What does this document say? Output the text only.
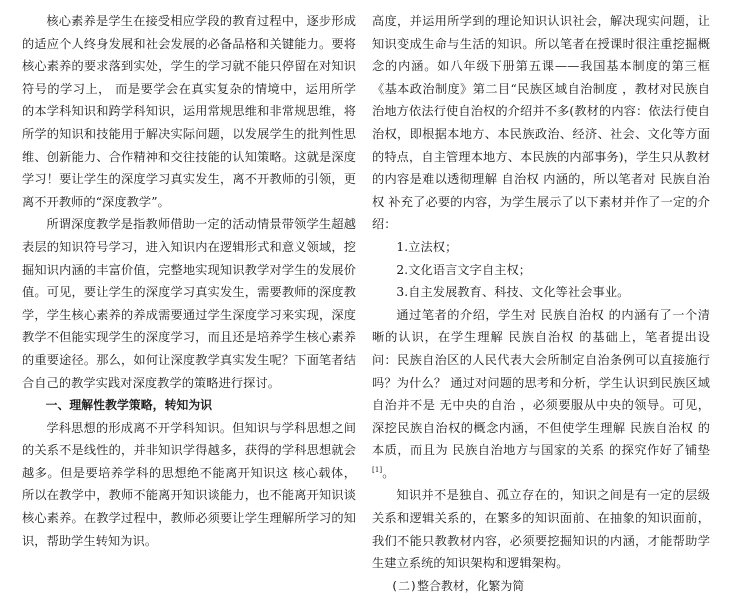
核心素养是学生在接受相应学段的教育过程中，逐步形成的适应个人终身发展和社会发展的必备品格和关键能力。要将核心素养的要求落到实处，学生的学习就不能只停留在对知识符号的学习上， 而是要学会在真实复杂的情境中，运用所学的本学科知识和跨学科知识，运用常规思维和非常规思维，将所学的知识和技能用于解决实际问题，以发展学生的批判性思维、创新能力、合作精神和交往技能的认知策略。这就是深度学习！要让学生的深度学习真实发生，离不开教师的引领，更离不开教师的“深度教学”。

所谓深度教学是指教师借助一定的活动情景带领学生超越表层的知识符号学习，进入知识内在逻辑形式和意义领域，挖掘知识内涵的丰富价值，完整地实现知识教学对学生的发展价值。可见，要让学生的深度学习真实发生，需要教师的深度教学，学生核心素养的养成需要通过学生深度学习来实现，深度教学不但能实现学生的深度学习，而且还是培养学生核心素养的重要途径。那么，如何让深度教学真实发生呢？下面笔者结合自己的教学实践对深度教学的策略进行探讨。

一、理解性教学策略，转知为识

学科思想的形成离不开学科知识。但知识与学科思想之间的关系不是线性的，并非知识学得越多，获得的学科思想就会越多。但是要培养学科的思想绝不能离开知识这 核心载体，所以在教学中，教师不能离开知识谈能力，也不能离开知识谈核心素养。在教学过程中，教师必须要让学生理解所学习的知识，帮助学生转知为识。

高度，并运用所学到的理论知识认识社会，解决现实问题，让知识变成生命与生活的知识。所以笔者在授课时很注重挖掘概念的内涵。如八年级下册第五课——我国基本制度的第三框《基本政治制度》第二目“民族区域自治制度 ，教材对民族自治地方依法行使自治权的介绍并不多(教材的内容：依法行使自治权，即根据本地方、本民族政治、经济、社会、文化等方面的特点，自主管理本地方、本民族的内部事务)，学生只从教材的内容是难以透彻理解 自治权 内涵的，所以笔者对 民族自治权 补充了必要的内容，为学生展示了以下素材并作了一定的介绍：

1.立法权；

2.文化语言文字自主权；

3.自主发展教育、科技、文化等社会事业。

通过笔者的介绍，学生对 民族自治权 的内涵有了一个清晰的认识，在学生理解 民族自治权 的基础上，笔者提出设问：民族自治区的人民代表大会所制定自治条例可以直接施行吗？为什么？ 通过对问题的思考和分析，学生认识到民族区域自治并不是 无中央的自治 ，必须要服从中央的领导。可见，深挖民族自治权的概念内涵，不但使学生理解 民族自治权 的本质，而且为 民族自治地方与国家的关系 的探究作好了铺垫[1]。

知识并不是独自、孤立存在的，知识之间是有一定的层级关系和逻辑关系的，在繁多的知识面前、在抽象的知识面前，我们不能只教教材内容，必须要挖掘知识的内涵，才能帮助学生建立系统的知识架构和逻辑架构。

(二)整合教材，化繁为简
